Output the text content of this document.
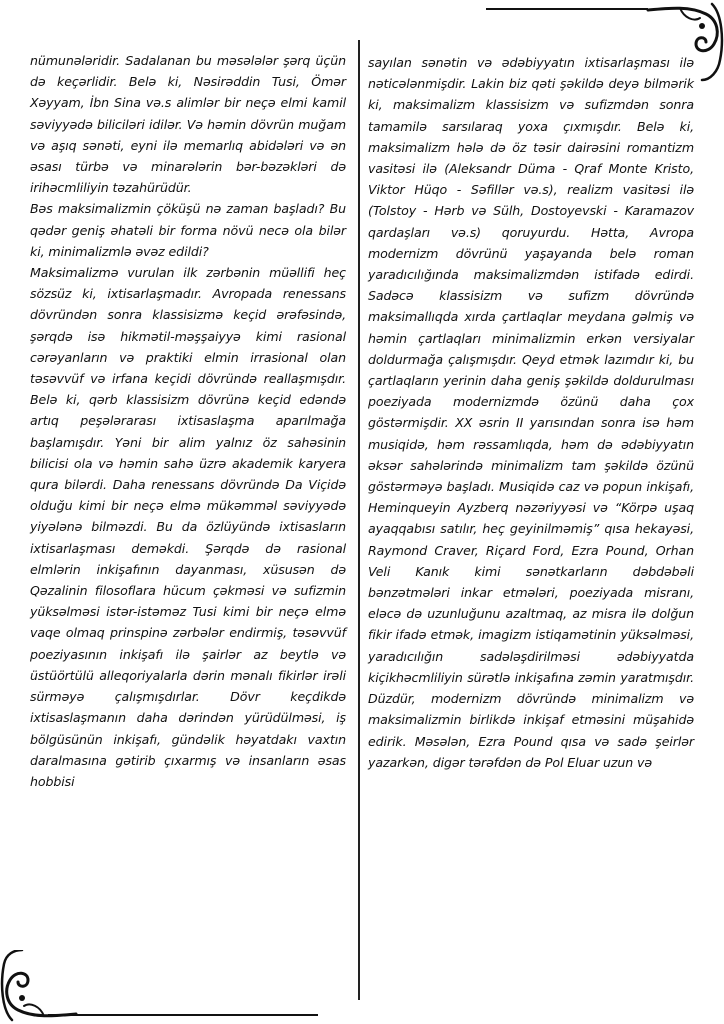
nümunələridir. Sadalanan bu məsələlər şərq üçün də keçərlidir. Belə ki, Nəsirəddin Tusi, Ömər Xəyyam, İbn Sina və.s alimlər bir neçə elmi kamil səviyyədə biliciləri idilər. Və həmin dövrün muğam və aşıq sənəti, eyni ilə memarlıq abidələri və ən əsası türbə və minarələrin bər-bəzəkləri də irihəcmliliyin təzahürüdür.

Bəs maksimalizmin çöküşü nə zaman başladı? Bu qədər geniş əhatəli bir forma növü necə ola bilər ki, minimalizmlə əvəz edildi?

Maksimalizmə vurulan ilk zərbənin müəllifi heç sözsüz ki, ixtisarlaşmadır. Avropada renessans dövründən sonra klassisizmə keçid ərəfəsində, şərqdə isə hikmətil-məşşaiyyə kimi rasional cərəyanların və praktiki elmin irrasional olan təsəvvüf və irfana keçidi dövründə reallaşmışdır. Belə ki, qərb klassisizm dövrünə keçid edəndə artıq peşələrarası ixtisaslaşma aparılmağa başlamışdır. Yəni bir alim yalnız öz sahəsinin bilicisi ola və həmin sahə üzrə akademik karyera qura bilərdi. Daha renessans dövründə Da Viçidə olduğu kimi bir neçə elmə mükəmməl səviyyədə yiyələnə bilməzdi. Bu da özlüyündə ixtisasların ixtisarlaşması deməkdi. Şərqdə də rasional elmlərin inkişafının dayanması, xüsusən də Qəzalinin filosoflara hücum çəkməsi və sufizmin yüksəlməsi istər-istəməz Tusi kimi bir neçə elmə vaqe olmaq prinspinə zərbələr endirmiş, təsəvvüf poeziyasının inkişafı ilə şairlər az beytlə və üstüörtülü alleqoriyalarla dərin mənalı fikirlər irəli sürməyə çalışmışdırlar. Dövr keçdikdə ixtisaslaşmanın daha dərindən yürüdülməsi, iş bölgüsünün inkişafı, gündəlik həyatdakı vaxtın daralmasına gətirib çıxarmış və insanların əsas hobbisi

sayılan sənətin və ədəbiyyatın ixtisarlaşması ilə nəticələnmişdir. Lakin biz qəti şəkildə deyə bilmərik ki, maksimalizm klassisizm və sufizmdən sonra tamamilə sarsılaraq yoxa çıxmışdır. Belə ki, maksimalizm hələ də öz təsir dairəsini romantizm vasitəsi ilə (Aleksandr Düma - Qraf Monte Kristo, Viktor Hüqo - Səfillər və.s), realizm vasitəsi ilə (Tolstoy - Hərb və Sülh, Dostoyevski - Karamazov qardaşları və.s) qoruyurdu. Hətta, Avropa modernizm dövrünü yaşayanda belə roman yaradıcılığında maksimalizmdən istifadə edirdi. Sadəcə klassisizm və sufizm dövründə maksimallıqda xırda çartlaqlar meydana gəlmiş və həmin çartlaqları minimalizmin erkən versiyalar doldurmağa çalışmışdır. Qeyd etmək lazımdır ki, bu çartlaqların yerinin daha geniş şəkildə doldurulması poeziyada modernizmdə özünü daha çox göstərmişdir. XX əsrin II yarısından sonra isə həm musiqidə, həm rəssamlıqda, həm də ədəbiyyatın əksər sahələrində minimalizm tam şəkildə özünü göstərməyə başladı. Musiqidə caz və popun inkişafı, Heminqueyin Ayzberq nəzəriyyəsi və “Körpə uşaq ayaqqabısı satılır, heç geyinilməmiş” qısa hekayəsi, Raymond Craver, Riçard Ford, Ezra Pound, Orhan Veli Kanık kimi sənətkarların dəbdəbəli bənzətmələri inkar etmələri, poeziyada misranı, eləcə də uzunluğunu azaltmaq, az misra ilə dolğun fikir ifadə etmək, imagizm istiqamətinin yüksəlməsi, yaradıcılığın sadələşdirilməsi ədəbiyyatda kiçikhəcmliliyin sürətlə inkişafına zəmin yaratmışdır. Düzdür, modernizm dövründə minimalizm və maksimalizmin birlikdə inkişaf etməsini müşahidə edirik. Məsələn, Ezra Pound qısa və sadə şeirlər yazarkən, digər tərəfdən də Pol Eluar uzun və
